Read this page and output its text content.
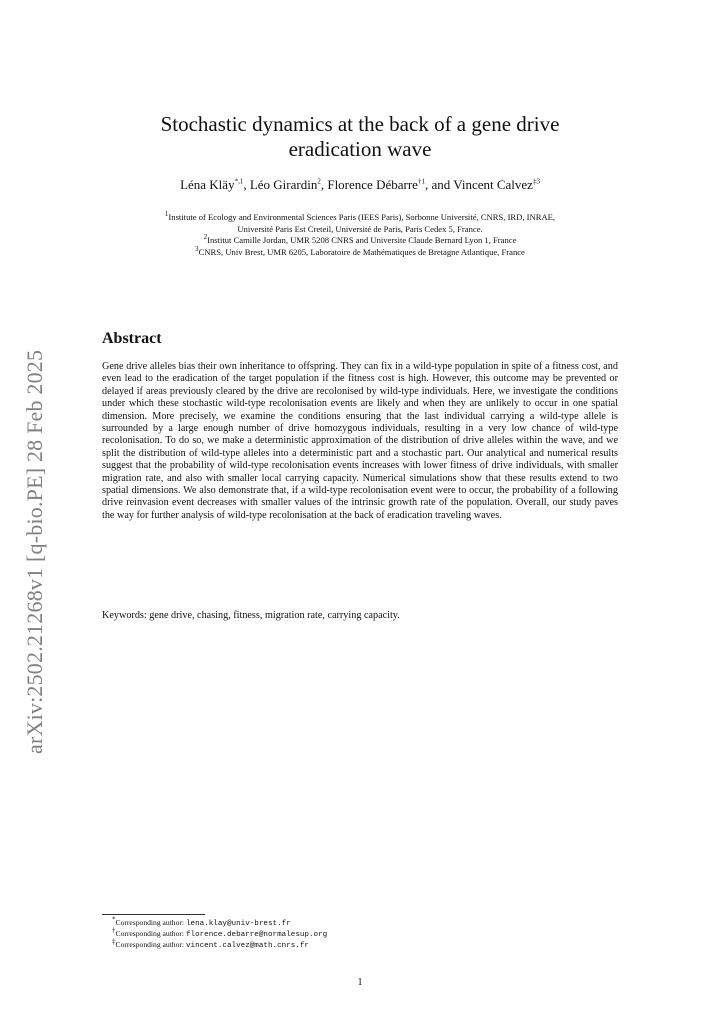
arXiv:2502.21268v1 [q-bio.PE] 28 Feb 2025
Stochastic dynamics at the back of a gene drive
eradication wave
Léna Kläy$^{*,1}$, Léo Girardin$^2$, Florence Débarre$^{\dagger 1}$, and Vincent Calvez$^{\ddagger 3}$
$^1$Institute of Ecology and Environmental Sciences Paris (IEES Paris), Sorbonne Université, CNRS, IRD, INRAE,
Université Paris Est Creteil, Université de Paris, Paris Cedex 5, France.
$^2$Institut Camille Jordan, UMR 5208 CNRS and Universite Claude Bernard Lyon 1, France
$^3$CNRS, Univ Brest, UMR 6205, Laboratoire de Mathématiques de Bretagne Atlantique, France
Abstract
Gene drive alleles bias their own inheritance to offspring. They can fix in a wild-type population in spite of a fitness cost, and even lead to the eradication of the target population if the fitness cost is high. However, this outcome may be prevented or delayed if areas previously cleared by the drive are recolonised by wild-type individuals. Here, we investigate the conditions under which these stochastic wild-type recolonisation events are likely and when they are unlikely to occur in one spatial dimension. More precisely, we examine the conditions ensuring that the last individual carrying a wild-type allele is surrounded by a large enough number of drive homozygous individuals, resulting in a very low chance of wild-type recolonisation. To do so, we make a deterministic approximation of the distribution of drive alleles within the wave, and we split the distribution of wild-type alleles into a deterministic part and a stochastic part. Our analytical and numerical results suggest that the probability of wild-type recolonisation events increases with lower fitness of drive individuals, with smaller migration rate, and also with smaller local carrying capacity. Numerical simulations show that these results extend to two spatial dimensions. We also demonstrate that, if a wild-type recolonisation event were to occur, the probability of a following drive reinvasion event decreases with smaller values of the intrinsic growth rate of the population. Overall, our study paves the way for further analysis of wild-type recolonisation at the back of eradication traveling waves.
Keywords: gene drive, chasing, fitness, migration rate, carrying capacity.
*Corresponding author: lena.klay@univ-brest.fr
†Corresponding author: florence.debarre@normalesup.org
‡Corresponding author: vincent.calvez@math.cnrs.fr
1
